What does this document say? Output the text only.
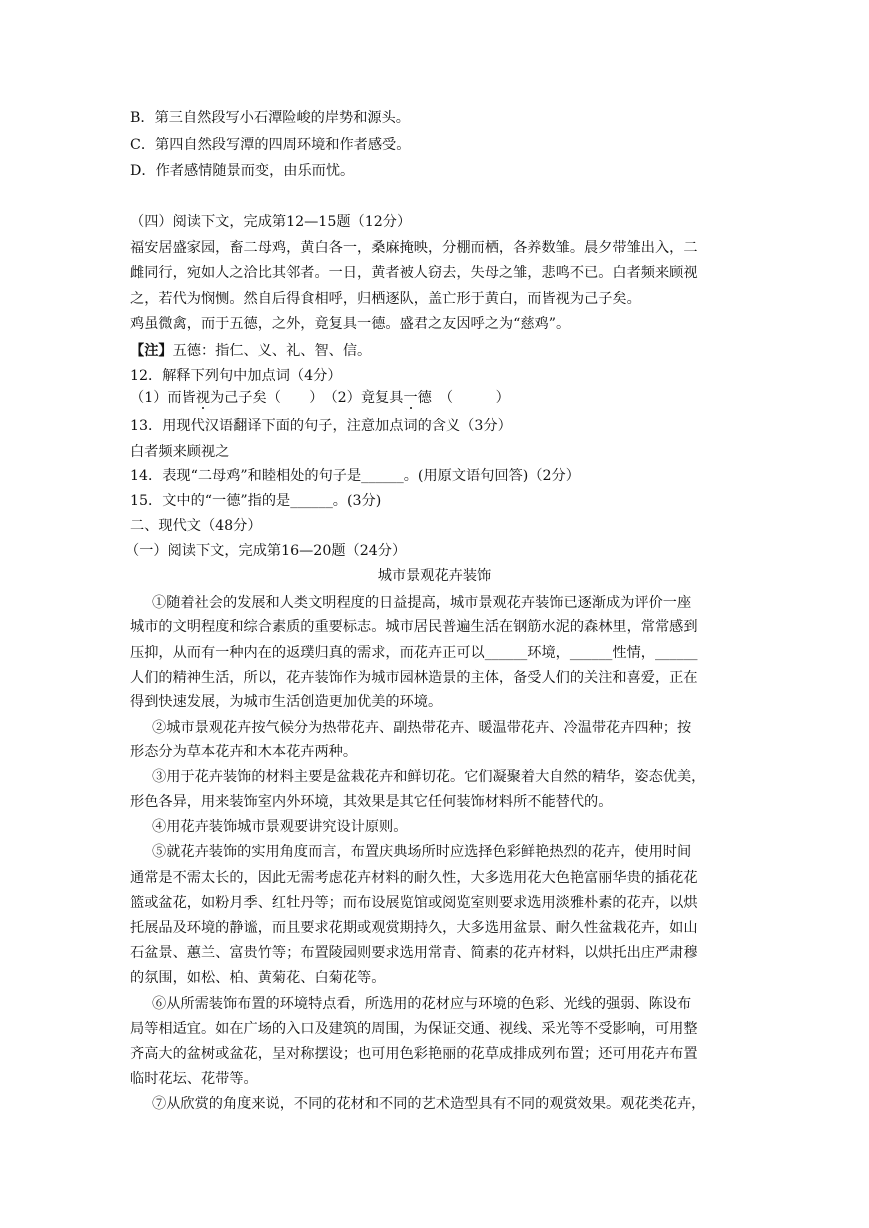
B．第三自然段写小石潭险峻的岸势和源头。
C．第四自然段写潭的四周环境和作者感受。
D．作者感情随景而变，由乐而忧。
（四）阅读下文，完成第12—15题（12分）
福安居盛家园，畜二母鸡，黄白各一，桑麻掩映，分棚而栖，各养数雏。晨夕带雏出入，二
雌同行，宛如人之洽比其邻者。一日，黄者被人窃去，失母之雏，悲鸣不已。白者频来顾视
之，若代为悯恻。然自后得食相呼，归栖逐队，盖亡形于黄白，而皆视为己子矣。
鸡虽微禽，而于五德，之外，竟复具一德。盛君之友因呼之为“慈鸡”。
【注】五德：指仁、义、礼、智、信。
12．解释下列句中加点词（4分）
（1）而皆视为己子矣（　　）　（2）竟复具一德　（　　　）
13．用现代汉语翻译下面的句子，注意加点词的含义（3分）
白者频来顾视之
14．表现“二母鸡”和睦相处的句子是______。(用原文语句回答)（2分）
15．文中的“一德”指的是______。(3分)
二、现代文（48分）
（一）阅读下文，完成第16—20题（24分）
城市景观花卉装饰
①随着社会的发展和人类文明程度的日益提高，城市景观花卉装饰已逐渐成为评价一座
城市的文明程度和综合素质的重要标志。城市居民普遍生活在钢筋水泥的森林里，常常感到
压抑，从而有一种内在的返璞归真的需求，而花卉正可以______环境，______性情，______
人们的精神生活，所以，花卉装饰作为城市园林造景的主体，备受人们的关注和喜爱，正在
得到快速发展，为城市生活创造更加优美的环境。
②城市景观花卉按气候分为热带花卉、副热带花卉、暖温带花卉、冷温带花卉四种；按
形态分为草本花卉和木本花卉两种。
③用于花卉装饰的材料主要是盆栽花卉和鲜切花。它们凝聚着大自然的精华，姿态优美，
形色各异，用来装饰室内外环境，其效果是其它任何装饰材料所不能替代的。
④用花卉装饰城市景观要讲究设计原则。
⑤就花卉装饰的实用角度而言，布置庆典场所时应选择色彩鲜艳热烈的花卉，使用时间
通常是不需太长的，因此无需考虑花卉材料的耐久性，大多选用花大色艳富丽华贵的插花花
篮或盆花，如粉月季、红牡丹等；而布设展览馆或阅览室则要求选用淡雅朴素的花卉，以烘
托展品及环境的静谧，而且要求花期或观赏期持久，大多选用盆景、耐久性盆栽花卉，如山
石盆景、蕙兰、富贵竹等；布置陵园则要求选用常青、简素的花卉材料，以烘托出庄严肃穆
的氛围，如松、柏、黄菊花、白菊花等。
⑥从所需装饰布置的环境特点看，所选用的花材应与环境的色彩、光线的强弱、陈设布
局等相适宜。如在广场的入口及建筑的周围，为保证交通、视线、采光等不受影响，可用整
齐高大的盆树或盆花，呈对称摆设；也可用色彩艳丽的花草成排成列布置；还可用花卉布置
临时花坛、花带等。
⑦从欣赏的角度来说，不同的花材和不同的艺术造型具有不同的观赏效果。观花类花卉，
